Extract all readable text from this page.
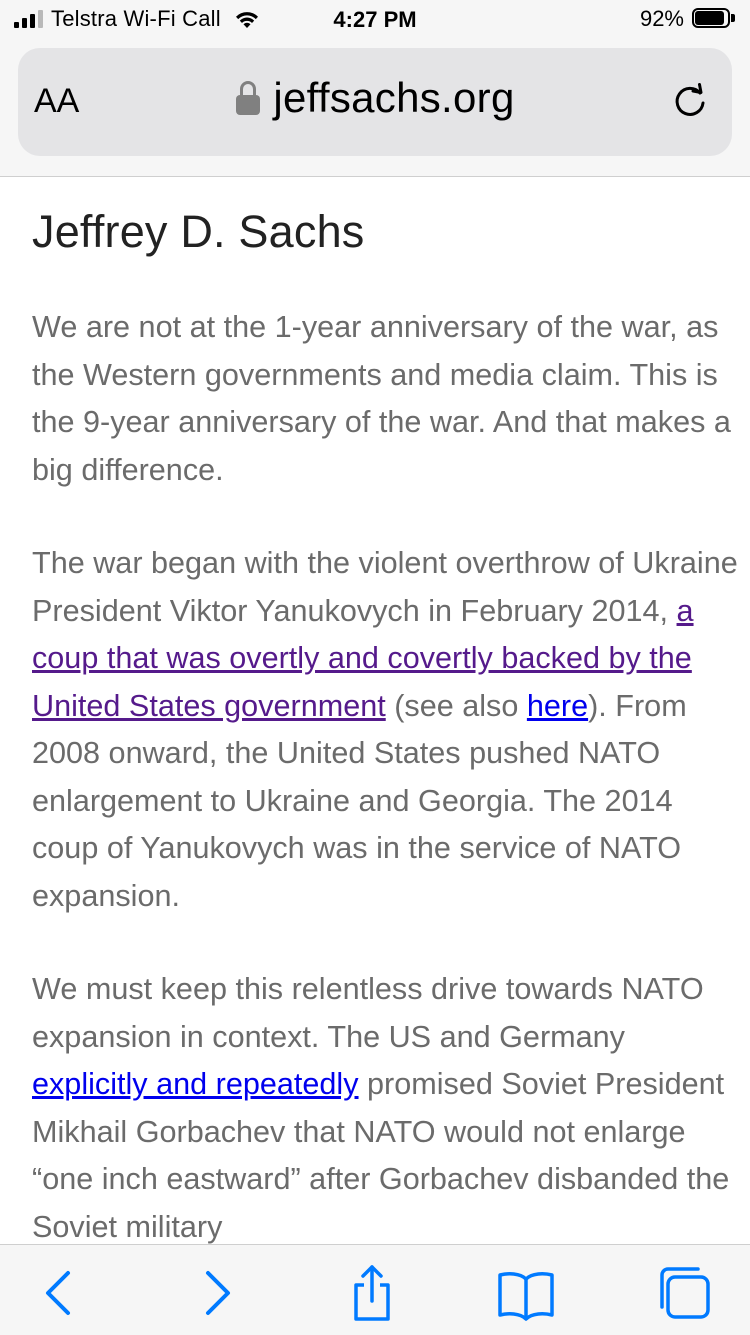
Telstra Wi-Fi Call	4:27 PM	92%
AA	jeffsachs.org
Jeffrey D. Sachs

We are not at the 1-year anniversary of the war, as the Western governments and media claim. This is the 9-year anniversary of the war. And that makes a big difference.

The war began with the violent overthrow of Ukraine President Viktor Yanukovych in February 2014, a coup that was overtly and covertly backed by the United States government (see also here). From 2008 onward, the United States pushed NATO enlargement to Ukraine and Georgia. The 2014 coup of Yanukovych was in the service of NATO expansion.

We must keep this relentless drive towards NATO expansion in context. The US and Germany explicitly and repeatedly promised Soviet President Mikhail Gorbachev that NATO would not enlarge “one inch eastward” after Gorbachev disbanded the Soviet military
